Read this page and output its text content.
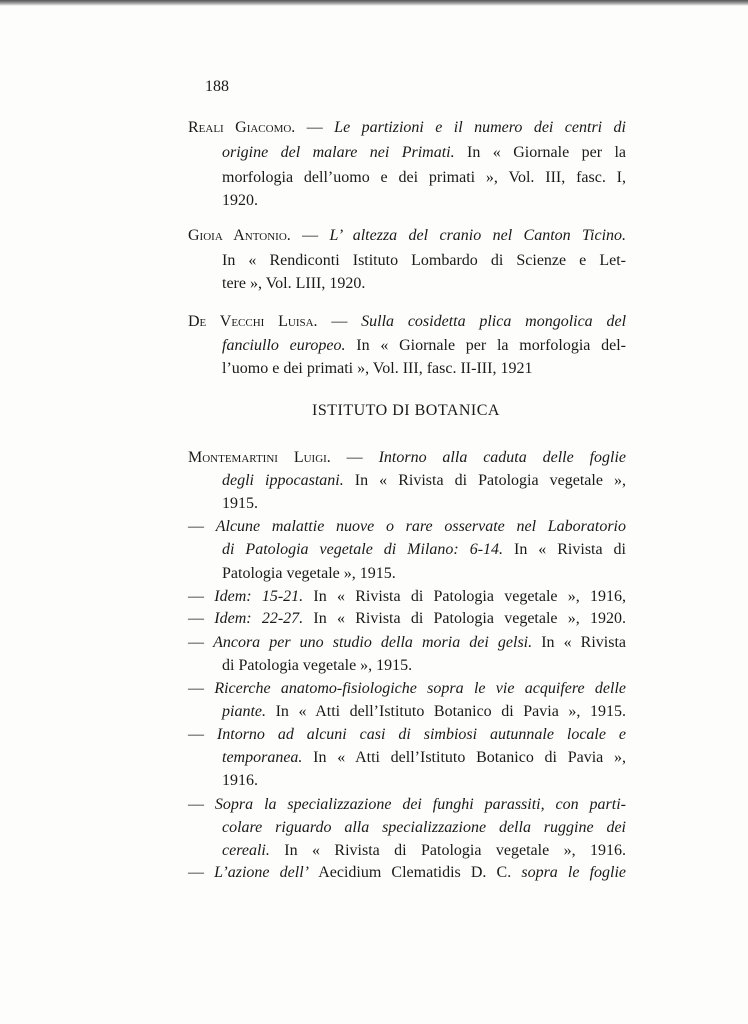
188
ISTITUTO DI BOTANICA
Reali Giacomo. — Le partizioni e il numero dei centri di
origine del malare nei Primati. In « Giornale per la
morfologia dell’uomo e dei primati », Vol. III, fasc. I,
1920.
Gioia Antonio. — L’ altezza del cranio nel Canton Ticino.
In « Rendiconti Istituto Lombardo di Scienze e Let-
tere », Vol. LIII, 1920.
De Vecchi Luisa. — Sulla cosidetta plica mongolica del
fanciullo europeo. In « Giornale per la morfologia del-
l’uomo e dei primati », Vol. III, fasc. II-III, 1921
Montemartini Luigi. — Intorno alla caduta delle foglie
degli ippocastani. In « Rivista di Patologia vegetale »,
1915.
— Alcune malattie nuove o rare osservate nel Laboratorio
di Patologia vegetale di Milano: 6-14. In « Rivista di
Patologia vegetale », 1915.
— Idem: 15-21. In « Rivista di Patologia vegetale », 1916,
— Idem: 22-27. In « Rivista di Patologia vegetale », 1920.
— Ancora per uno studio della moria dei gelsi. In « Rivista
di Patologia vegetale », 1915.
— Ricerche anatomo-fisiologiche sopra le vie acquifere delle
piante. In « Atti dell’Istituto Botanico di Pavia », 1915.
— Intorno ad alcuni casi di simbiosi autunnale locale e
temporanea. In « Atti dell’Istituto Botanico di Pavia »,
1916.
— Sopra la specializzazione dei funghi parassiti, con parti-
colare riguardo alla specializzazione della ruggine dei
cereali. In « Rivista di Patologia vegetale », 1916.
— L’azione dell’ Aecidium Clematidis D. C. sopra le foglie
